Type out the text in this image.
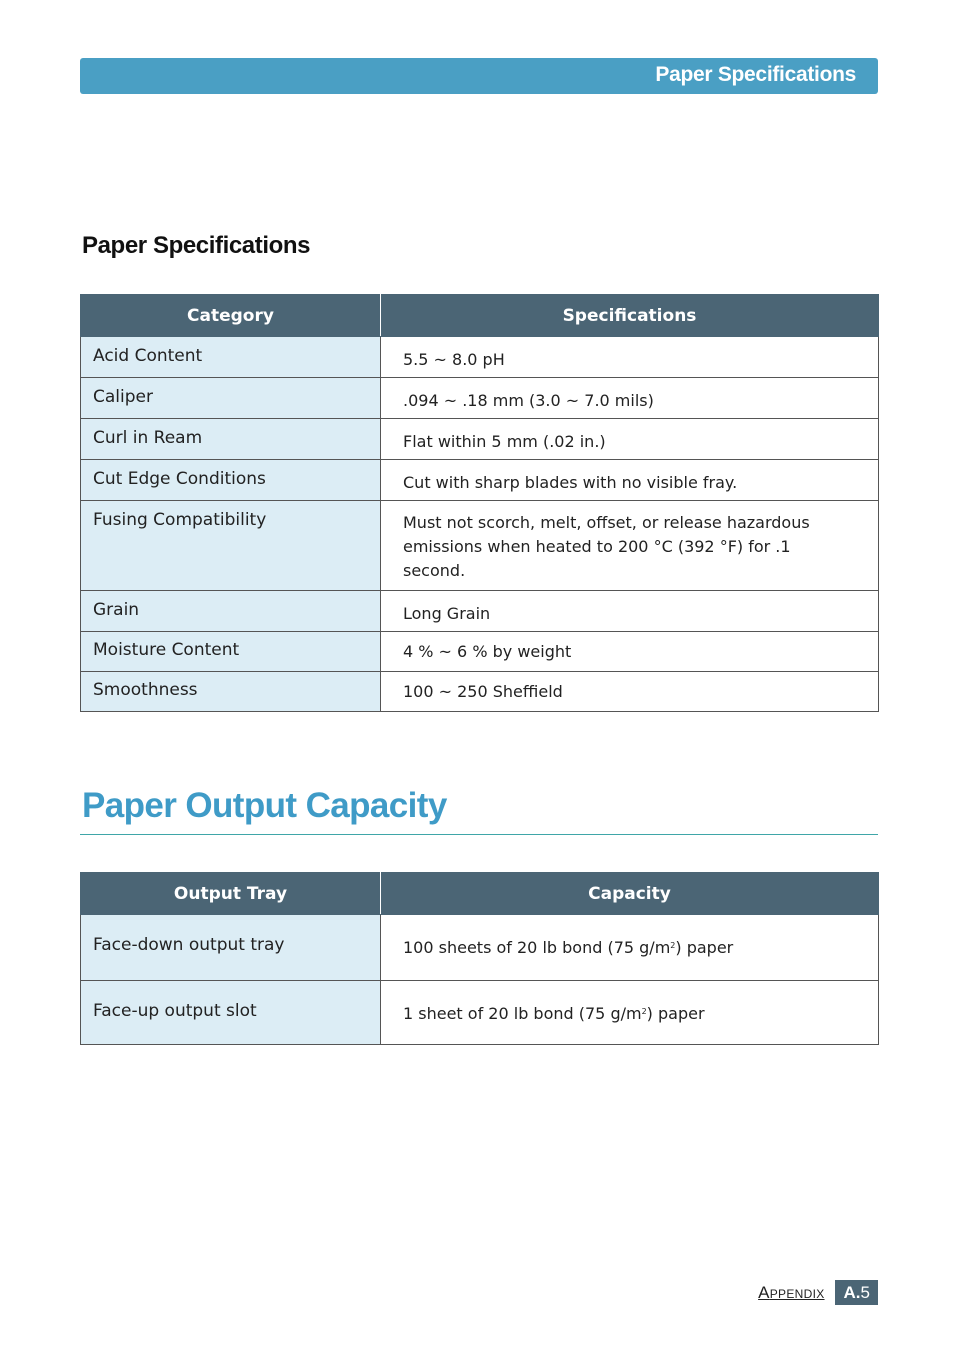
Paper Specifications
Paper Specifications
Category	Specifications
Acid Content	5.5 ~ 8.0 pH
Caliper	.094 ~ .18 mm (3.0 ~ 7.0 mils)
Curl in Ream	Flat within 5 mm (.02 in.)
Cut Edge Conditions	Cut with sharp blades with no visible fray.
Fusing Compatibility	Must not scorch, melt, offset, or release hazardous emissions when heated to 200 °C (392 °F) for .1 second.
Grain	Long Grain
Moisture Content	4 % ~ 6 % by weight
Smoothness	100 ~ 250 Sheffield
Paper Output Capacity
Output Tray	Capacity
Face-down output tray	100 sheets of 20 lb bond (75 $g/m^2$) paper
Face-up output slot	1 sheet of 20 lb bond (75 $g/m^2$) paper
APPENDIX	A.5
